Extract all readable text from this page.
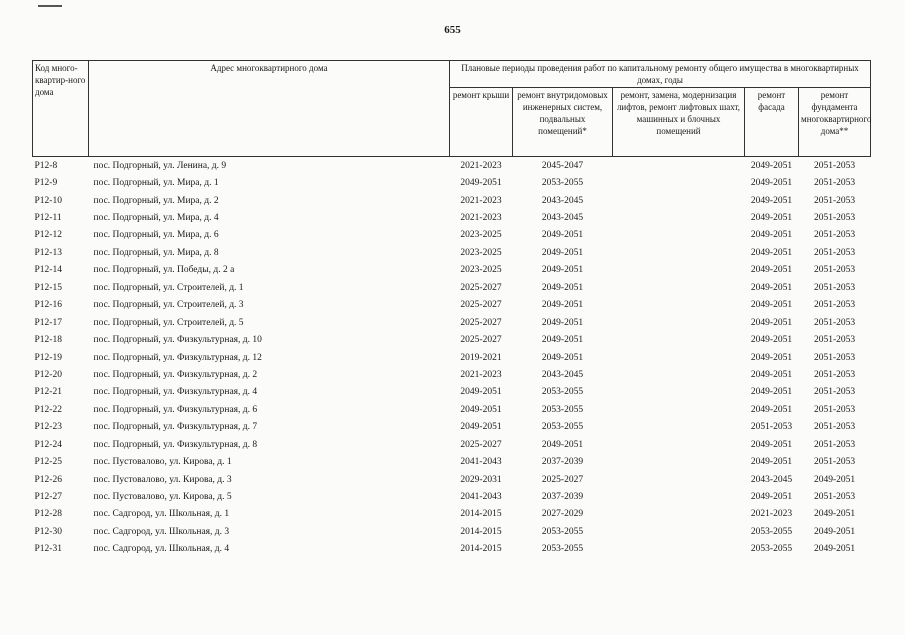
655
Код много-квартир-ного дома	Адрес многоквартирного дома	Плановые периоды проведения работ по капитальному ремонту общего имущества в многоквартирных домах, годы				
		ремонт крыши	ремонт внутридомовых инженерных систем, подвальных помещений*	ремонт, замена, модернизация лифтов, ремонт лифтовых шахт, машинных и блочных помещений	ремонт фасада	ремонт фундамента многоквартирного дома**
P12-8	пос. Подгорный, ул. Ленина, д. 9	2021-2023	2045-2047		2049-2051	2051-2053
P12-9	пос. Подгорный, ул. Мира, д. 1	2049-2051	2053-2055		2049-2051	2051-2053
P12-10	пос. Подгорный, ул. Мира, д. 2	2021-2023	2043-2045		2049-2051	2051-2053
P12-11	пос. Подгорный, ул. Мира, д. 4	2021-2023	2043-2045		2049-2051	2051-2053
P12-12	пос. Подгорный, ул. Мира, д. 6	2023-2025	2049-2051		2049-2051	2051-2053
P12-13	пос. Подгорный, ул. Мира, д. 8	2023-2025	2049-2051		2049-2051	2051-2053
P12-14	пос. Подгорный, ул. Победы, д. 2 а	2023-2025	2049-2051		2049-2051	2051-2053
P12-15	пос. Подгорный, ул. Строителей, д. 1	2025-2027	2049-2051		2049-2051	2051-2053
P12-16	пос. Подгорный, ул. Строителей, д. 3	2025-2027	2049-2051		2049-2051	2051-2053
P12-17	пос. Подгорный, ул. Строителей, д. 5	2025-2027	2049-2051		2049-2051	2051-2053
P12-18	пос. Подгорный, ул. Физкультурная, д. 10	2025-2027	2049-2051		2049-2051	2051-2053
P12-19	пос. Подгорный, ул. Физкультурная, д. 12	2019-2021	2049-2051		2049-2051	2051-2053
P12-20	пос. Подгорный, ул. Физкультурная, д. 2	2021-2023	2043-2045		2049-2051	2051-2053
P12-21	пос. Подгорный, ул. Физкультурная, д. 4	2049-2051	2053-2055		2049-2051	2051-2053
P12-22	пос. Подгорный, ул. Физкультурная, д. 6	2049-2051	2053-2055		2049-2051	2051-2053
P12-23	пос. Подгорный, ул. Физкультурная, д. 7	2049-2051	2053-2055		2051-2053	2051-2053
P12-24	пос. Подгорный, ул. Физкультурная, д. 8	2025-2027	2049-2051		2049-2051	2051-2053
P12-25	пос. Пустовалово, ул. Кирова, д. 1	2041-2043	2037-2039		2049-2051	2051-2053
P12-26	пос. Пустовалово, ул. Кирова, д. 3	2029-2031	2025-2027		2043-2045	2049-2051
P12-27	пос. Пустовалово, ул. Кирова, д. 5	2041-2043	2037-2039		2049-2051	2051-2053
P12-28	пос. Садгород, ул. Школьная, д. 1	2014-2015	2027-2029		2021-2023	2049-2051
P12-30	пос. Садгород, ул. Школьная, д. 3	2014-2015	2053-2055		2053-2055	2049-2051
P12-31	пос. Садгород, ул. Школьная, д. 4	2014-2015	2053-2055		2053-2055	2049-2051
